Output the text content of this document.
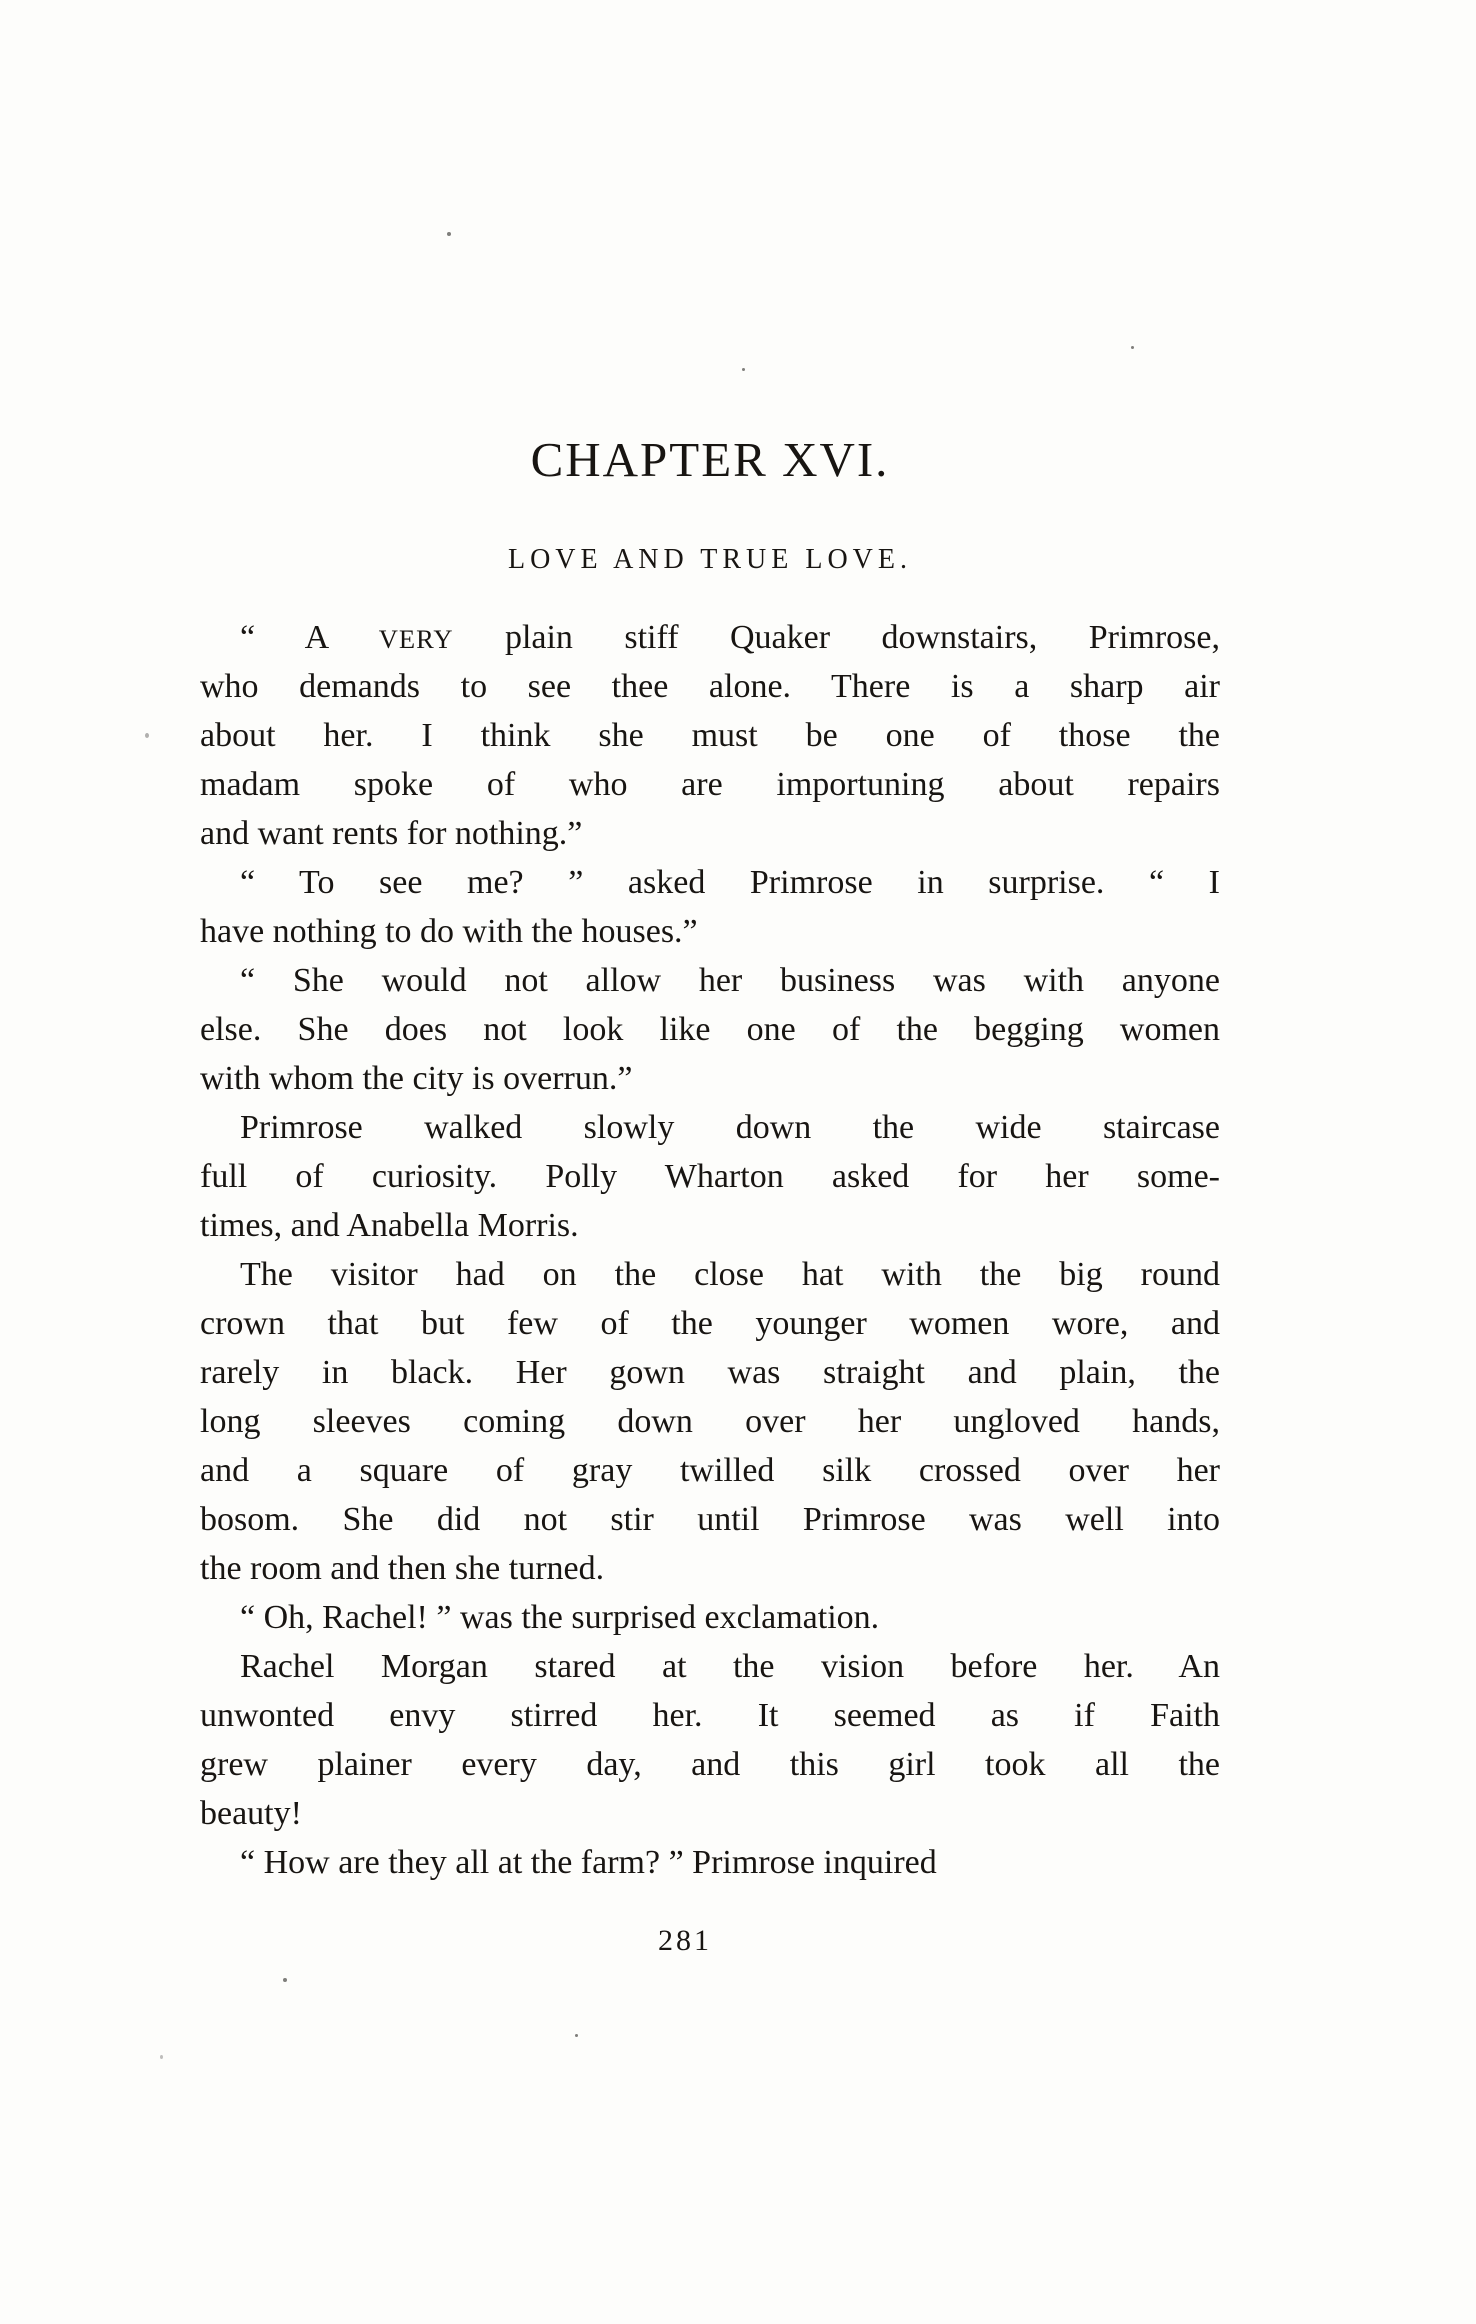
CHAPTER XVI.
LOVE AND TRUE LOVE.
“ A VERY plain stiff Quaker downstairs, Primrose,
who demands to see thee alone. There is a sharp air
about her. I think she must be one of those the
madam spoke of who are importuning about repairs
and want rents for nothing.”
“ To see me? ” asked Primrose in surprise. “ I
have nothing to do with the houses.”
“ She would not allow her business was with anyone
else. She does not look like one of the begging women
with whom the city is overrun.”
Primrose walked slowly down the wide staircase
full of curiosity. Polly Wharton asked for her some-
times, and Anabella Morris.
The visitor had on the close hat with the big round
crown that but few of the younger women wore, and
rarely in black. Her gown was straight and plain, the
long sleeves coming down over her ungloved hands,
and a square of gray twilled silk crossed over her
bosom. She did not stir until Primrose was well into
the room and then she turned.
“ Oh, Rachel! ” was the surprised exclamation.
Rachel Morgan stared at the vision before her. An
unwonted envy stirred her. It seemed as if Faith
grew plainer every day, and this girl took all the
beauty!
“ How are they all at the farm? ” Primrose inquired
281
